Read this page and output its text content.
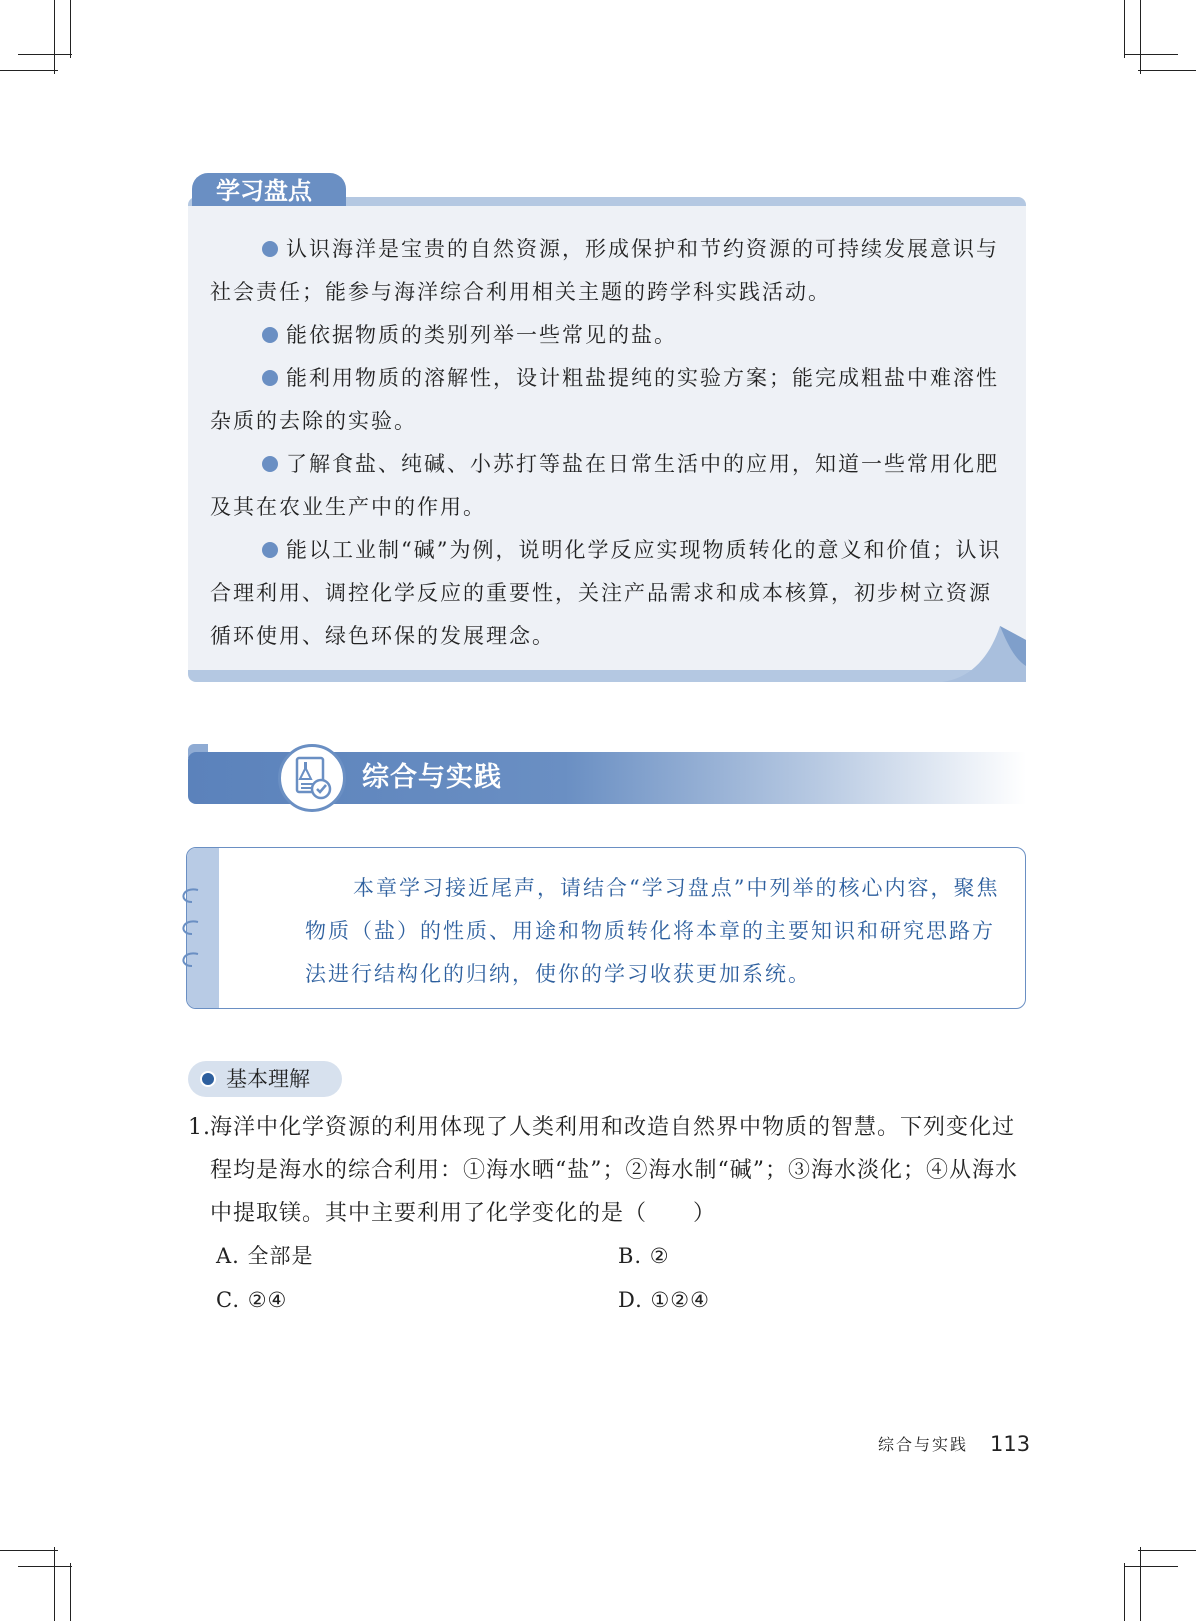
学习盘点

认识海洋是宝贵的自然资源，形成保护和节约资源的可持续发展意识与社会责任；能参与海洋综合利用相关主题的跨学科实践活动。

能依据物质的类别列举一些常见的盐。

能利用物质的溶解性，设计粗盐提纯的实验方案；能完成粗盐中难溶性杂质的去除的实验。

了解食盐、纯碱、小苏打等盐在日常生活中的应用，知道一些常用化肥及其在农业生产中的作用。

能以工业制“碱”为例，说明化学反应实现物质转化的意义和价值；认识合理利用、调控化学反应的重要性，关注产品需求和成本核算，初步树立资源循环使用、绿色环保的发展理念。

综合与实践

本章学习接近尾声，请结合“学习盘点”中列举的核心内容，聚焦物质（盐）的性质、用途和物质转化将本章的主要知识和研究思路方法进行结构化的归纳，使你的学习收获更加系统。

基本理解
1. 海洋中化学资源的利用体现了人类利用和改造自然界中物质的智慧。下列变化过程均是海水的综合利用：①海水晒“盐”；②海水制“碱”；③海水淡化；④从海水中提取镁。其中主要利用了化学变化的是（　　）
A. 全部是	B. ②
C. ②④	D. ①②④
综合与实践 113
